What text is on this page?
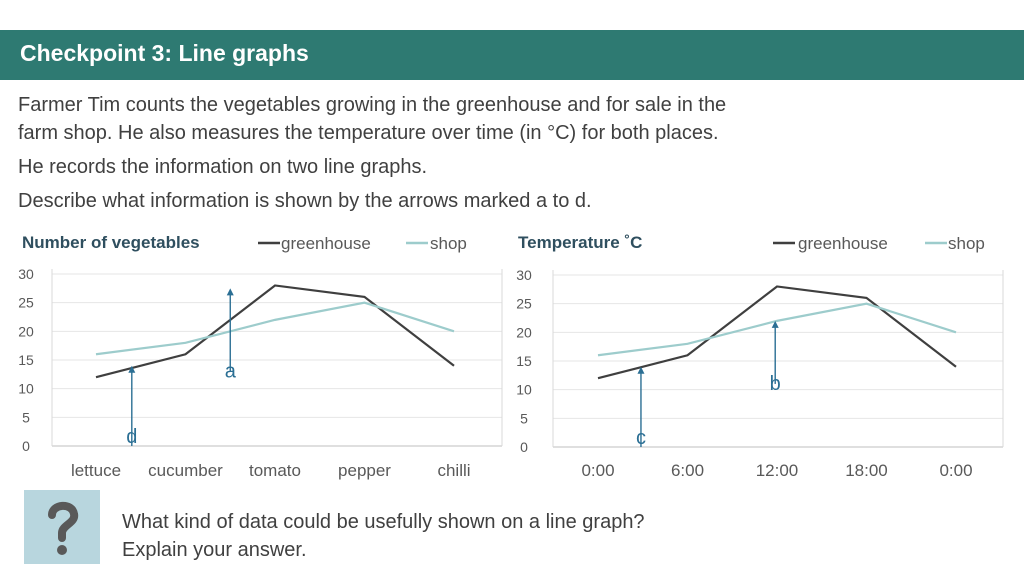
Checkpoint 3: Line graphs
Farmer Tim counts the vegetables growing in the greenhouse and for sale in the
farm shop. He also measures the temperature over time (in °C) for both places.
He records the information on two line graphs.
Describe what information is shown by the arrows marked a to d.
Number of vegetables	greenhouse	shop
0
5
10
15
20
25
30
lettuce cucumber tomato pepper	chilli
a
d
Temperature ˚C	greenhouse	shop
0
5
10
15
20
25
30
0:00	6:00	12:00	18:00	0:00
b
c
What kind of data could be usefully shown on a line graph?
Explain your answer.
